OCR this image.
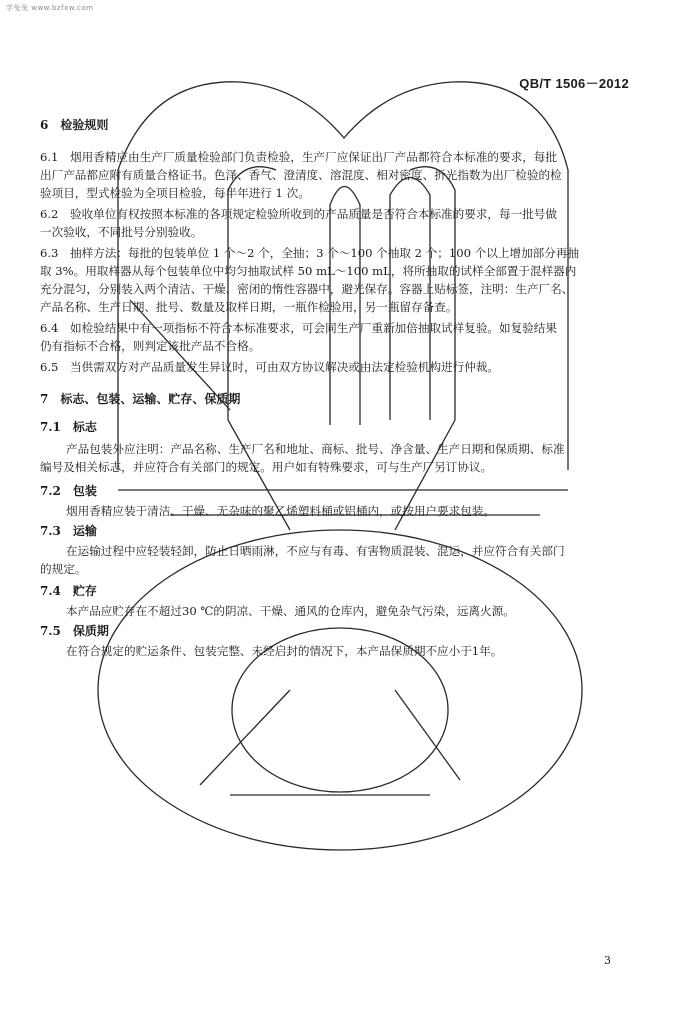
学兔兔 www.bzfxw.com
QB/T 1506－2012
6　检验规则
6.1　烟用香精应由生产厂质量检验部门负责检验，生产厂应保证出厂产品都符合本标准的要求，每批
出厂产品都应附有质量合格证书。色泽、香气、澄清度、溶混度、相对密度、折光指数为出厂检验的检
验项目，型式检验为全项目检验，每半年进行 1 次。
6.2　验收单位有权按照本标准的各项规定检验所收到的产品质量是否符合本标准的要求，每一批号做
一次验收，不同批号分别验收。
6.3　抽样方法：每批的包装单位 1 个～2 个，全抽；3 个～100 个抽取 2 个；100 个以上增加部分再抽
取 3%。用取样器从每个包装单位中均匀抽取试样 50 mL～100 mL，将所抽取的试样全部置于混样器内
充分混匀，分别装入两个清洁、干燥、密闭的惰性容器中，避光保存。容器上贴标签，注明：生产厂名、
产品名称、生产日期、批号、数量及取样日期，一瓶作检验用，另一瓶留存备查。
6.4　如检验结果中有一项指标不符合本标准要求，可会同生产厂重新加倍抽取试样复验。如复验结果
仍有指标不合格，则判定该批产品不合格。
6.5　当供需双方对产品质量发生异议时，可由双方协议解决或由法定检验机构进行仲裁。
7　标志、包装、运输、贮存、保质期
7.1　标志
产品包装外应注明：产品名称、生产厂名和地址、商标、批号、净含量、生产日期和保质期、标准
编号及相关标志，并应符合有关部门的规定。用户如有特殊要求，可与生产厂另订协议。
7.2　包装
烟用香精应装于清洁、干燥、无杂味的聚乙烯塑料桶或铝桶内，或按用户要求包装。
7.3　运输
在运输过程中应轻装轻卸，防止日晒雨淋，不应与有毒、有害物质混装、混运，并应符合有关部门
的规定。
7.4　贮存
本产品应贮存在不超过30 ℃的阴凉、干燥、通风的仓库内，避免杂气污染，远离火源。
7.5　保质期
在符合规定的贮运条件、包装完整、未经启封的情况下，本产品保质期不应小于1年。
3
